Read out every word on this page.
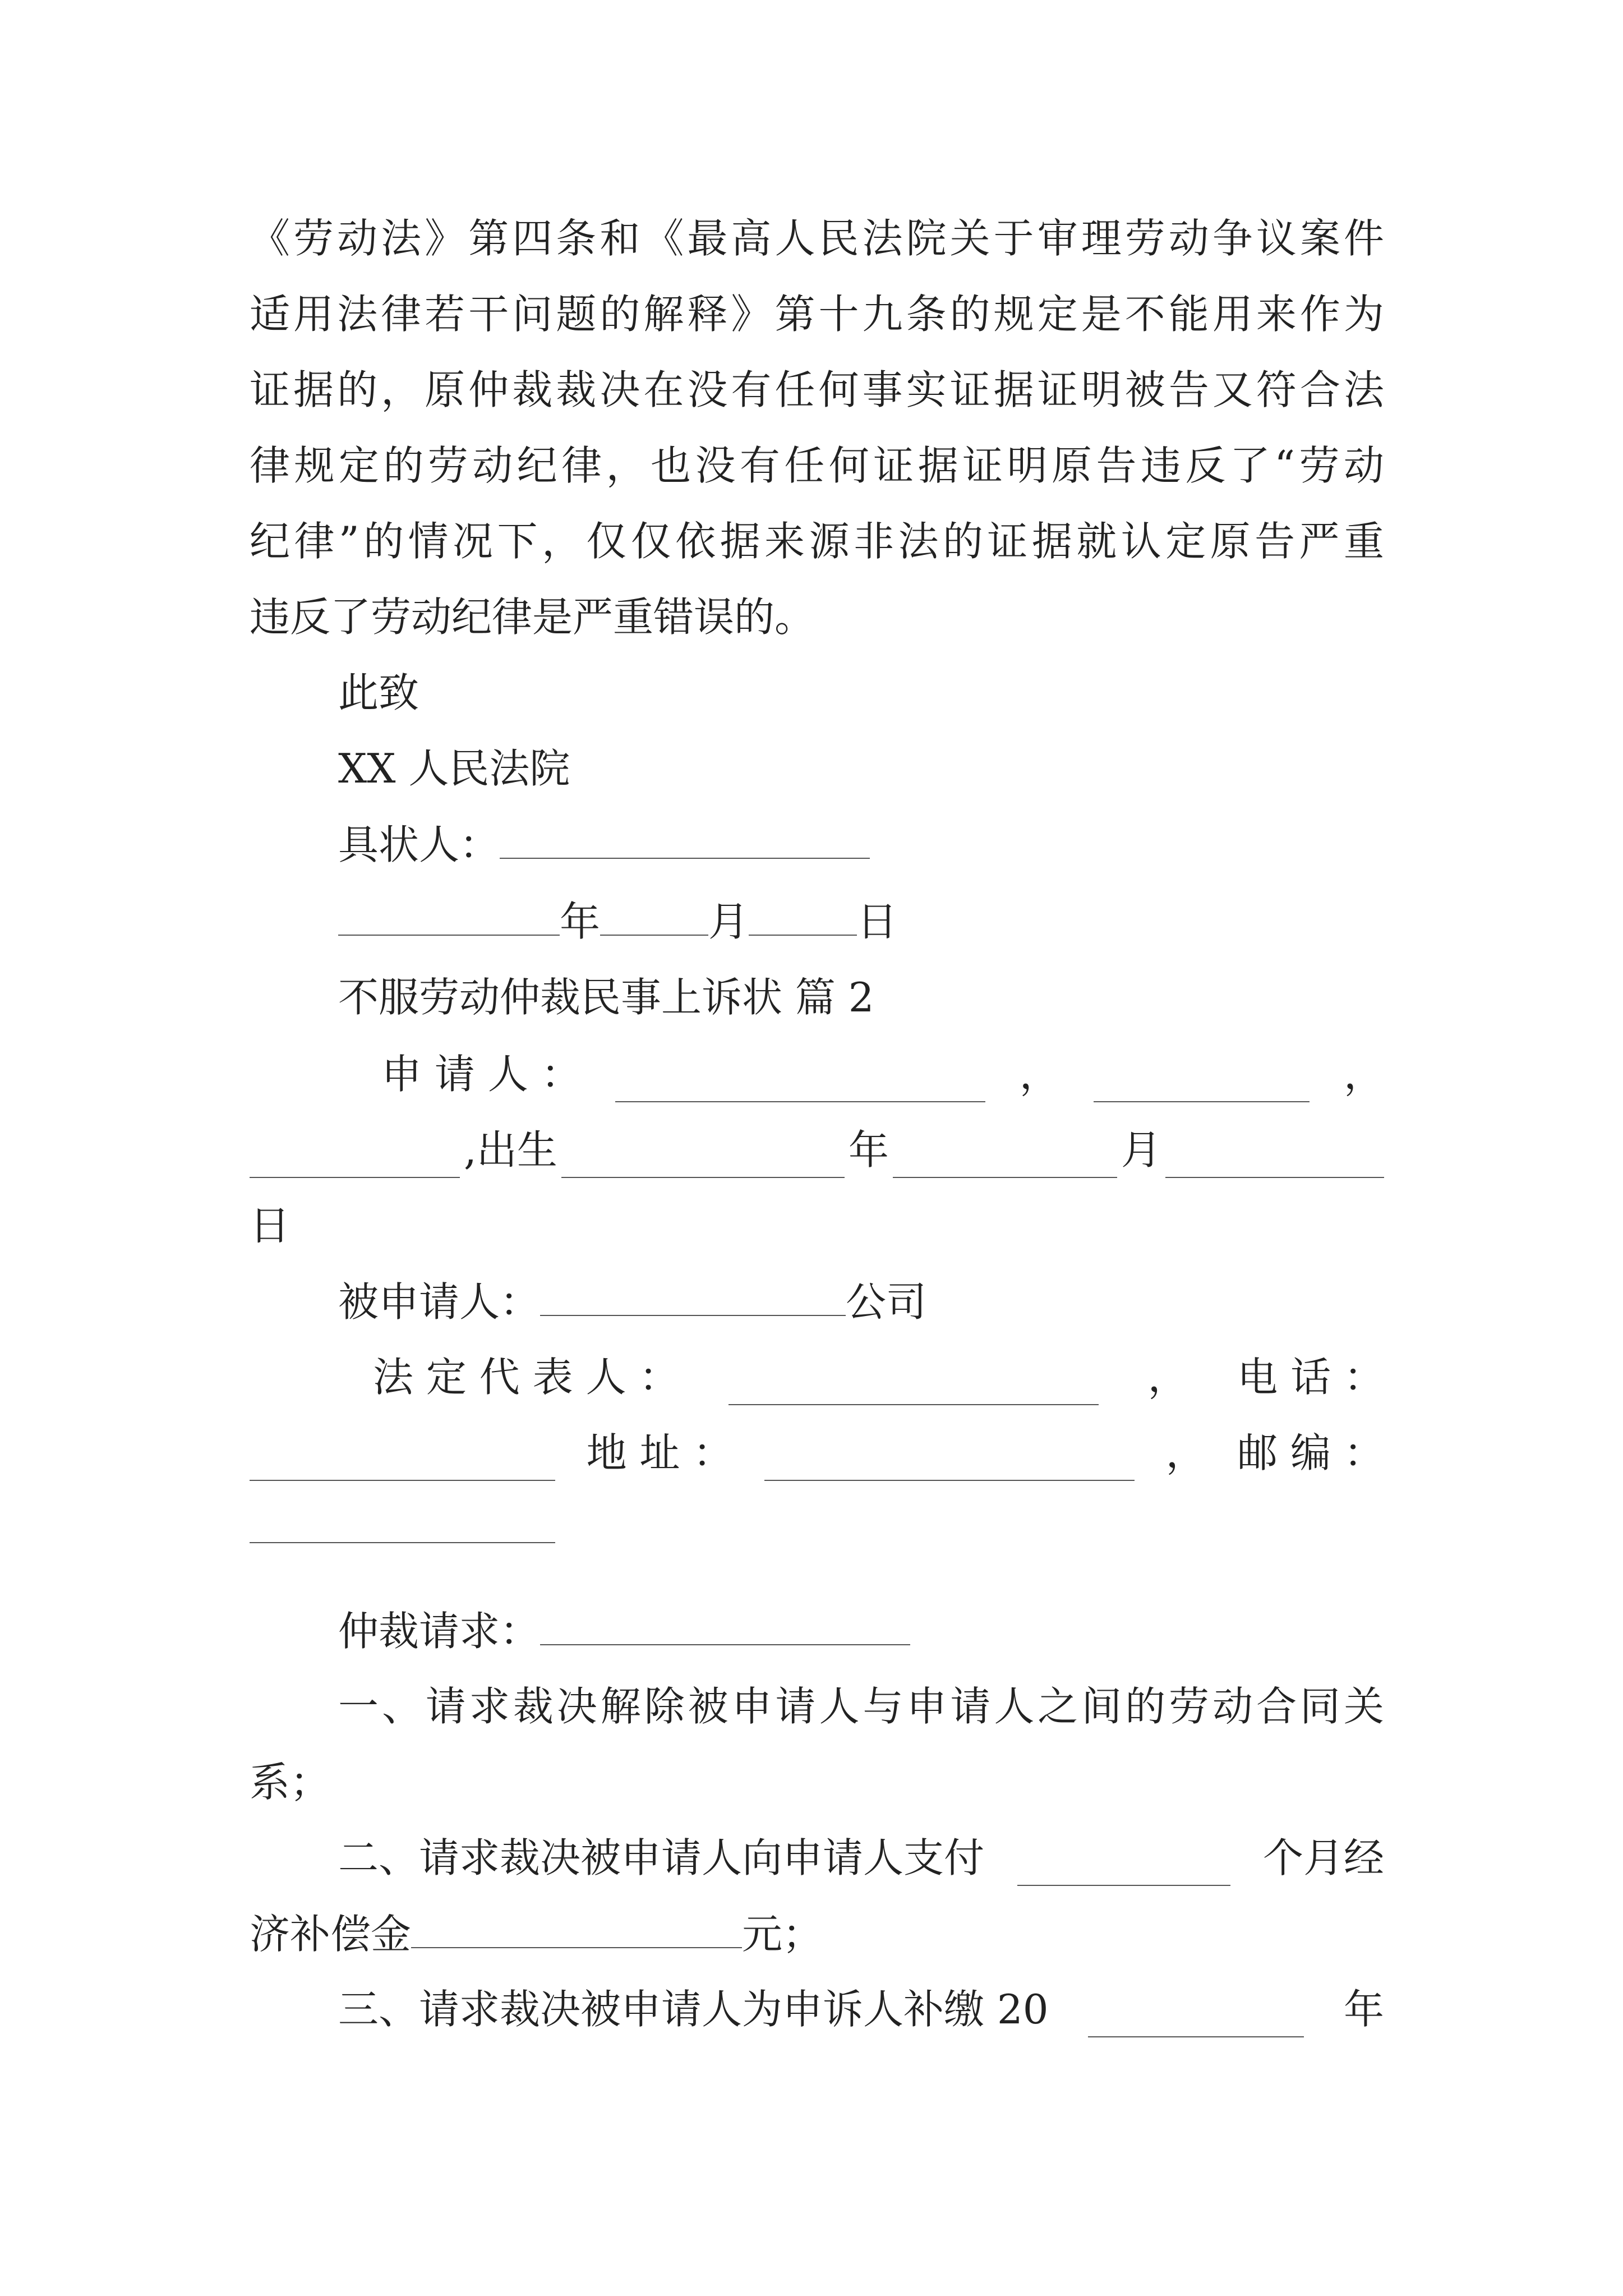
《劳动法》第四条和《最高人民法院关于审理劳动争议案件
适用法律若干问题的解释》第十九条的规定是不能用来作为
证据的，原仲裁裁决在没有任何事实证据证明被告又符合法
律规定的劳动纪律，也没有任何证据证明原告违反了“劳动
纪律”的情况下，仅仅依据来源非法的证据就认定原告严重
违反了劳动纪律是严重错误的。
此致
XX 人民法院
具状人：
年	月	日
不服劳动仲裁民事上诉状 篇 2
申 请 人 ：	，	，
,出生	年	月
日
被申请人：	公司
法 定 代 表 人 ：	， 电 话 ：
地 址 ：	， 邮 编 ：
仲裁请求：
一、请求裁决解除被申请人与申请人之间的劳动合同关
系；
二、请求裁决被申请人向申请人支付	个月经
济补偿金	元；
三、请求裁决被申请人为申诉人补缴 20	年
